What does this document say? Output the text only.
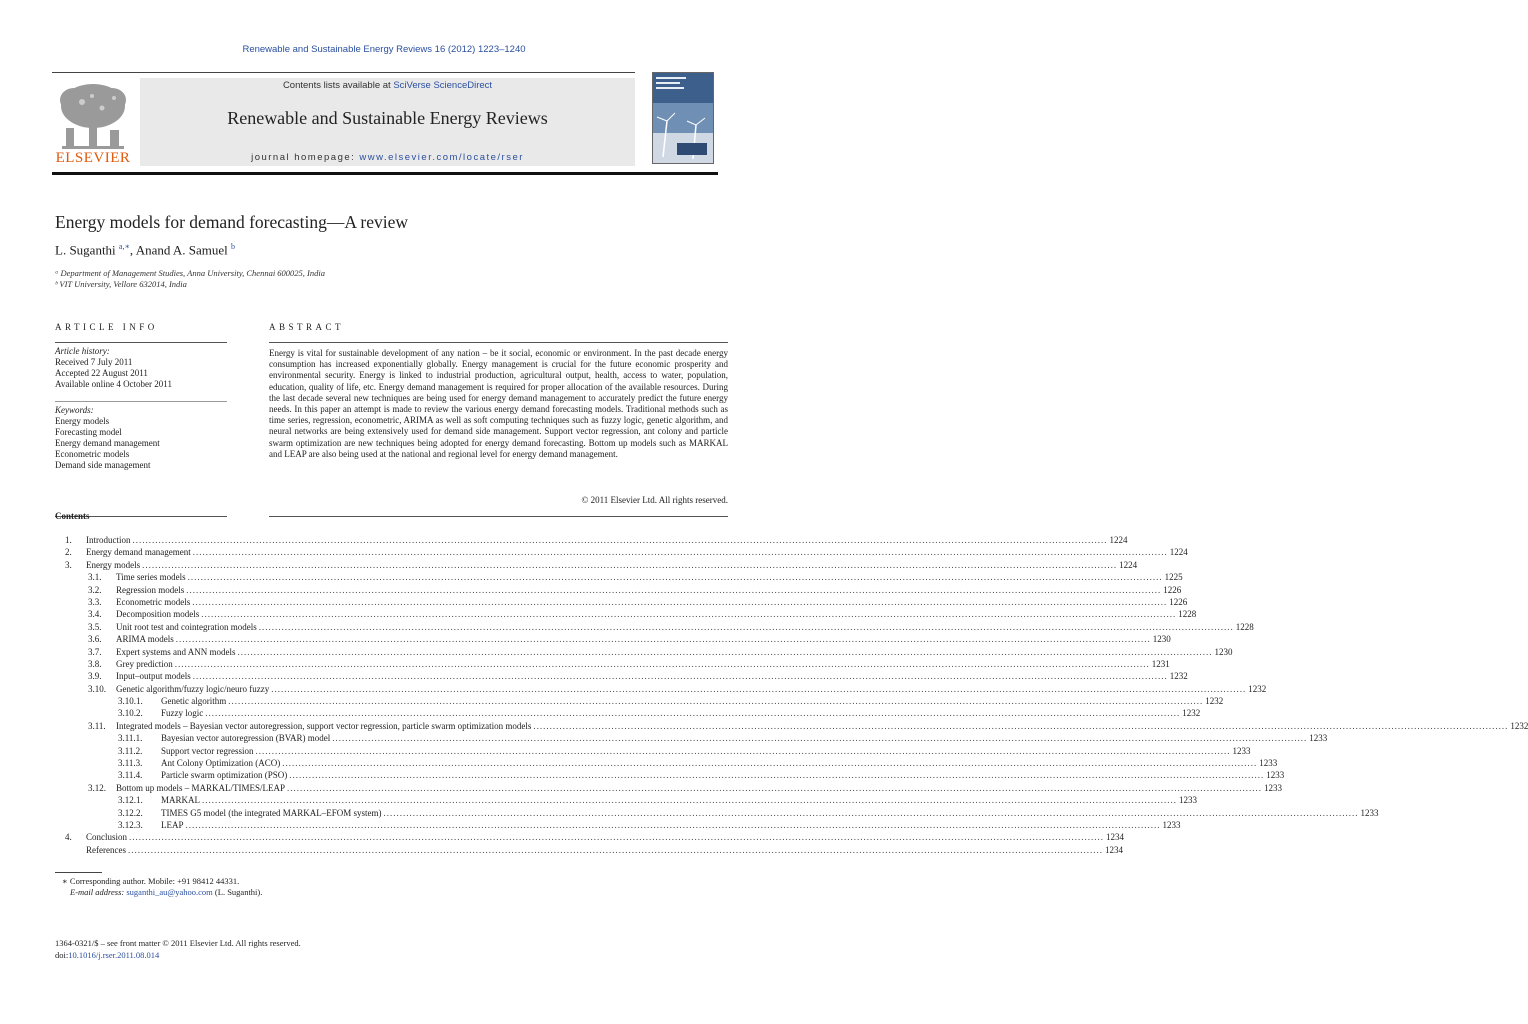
Renewable and Sustainable Energy Reviews 16 (2012) 1223–1240
ELSEVIER
Contents lists available at SciVerse ScienceDirect
Renewable and Sustainable Energy Reviews
journal homepage: www.elsevier.com/locate/rser
Energy models for demand forecasting—A review
L. Suganthi $^{a,∗}$, Anand A. Samuel $^b$
ᵃ Department of Management Studies, Anna University, Chennai 600025, India
ᵇ VIT University, Vellore 632014, India
ARTICLE INFO
Article history:
Received 7 July 2011
Accepted 22 August 2011
Available online 4 October 2011
Keywords:
Energy models
Forecasting model
Energy demand management
Econometric models
Demand side management
ABSTRACT
Energy is vital for sustainable development of any nation – be it social, economic or environment. In the past decade energy consumption has increased exponentially globally. Energy management is crucial for the future economic prosperity and environmental security. Energy is linked to industrial production, agricultural output, health, access to water, population, education, quality of life, etc. Energy demand management is required for proper allocation of the available resources. During the last decade several new techniques are being used for energy demand management to accurately predict the future energy needs. In this paper an attempt is made to review the various energy demand forecasting models. Traditional methods such as time series, regression, econometric, ARIMA as well as soft computing techniques such as fuzzy logic, genetic algorithm, and neural networks are being extensively used for demand side management. Support vector regression, ant colony and particle swarm optimization are new techniques being adopted for energy demand forecasting. Bottom up models such as MARKAL and LEAP are also being used at the national and regional level for energy demand management.
© 2011 Elsevier Ltd. All rights reserved.
Contents
1.	Introduction ............................................................................................................................................................................................................................................................................................................ 1224
2.	Energy demand management ............................................................................................................................................................................................................................................................................................................ 1224
3.	Energy models ............................................................................................................................................................................................................................................................................................................ 1224
3.1.	Time series models ............................................................................................................................................................................................................................................................................................................ 1225
3.2.	Regression models ............................................................................................................................................................................................................................................................................................................ 1226
3.3.	Econometric models ............................................................................................................................................................................................................................................................................................................ 1226
3.4.	Decomposition models ............................................................................................................................................................................................................................................................................................................ 1228
3.5.	Unit root test and cointegration models ............................................................................................................................................................................................................................................................................................................ 1228
3.6.	ARIMA models ............................................................................................................................................................................................................................................................................................................ 1230
3.7.	Expert systems and ANN models ............................................................................................................................................................................................................................................................................................................ 1230
3.8.	Grey prediction ............................................................................................................................................................................................................................................................................................................ 1231
3.9.	Input–output models ............................................................................................................................................................................................................................................................................................................ 1232
3.10.	Genetic algorithm/fuzzy logic/neuro fuzzy ............................................................................................................................................................................................................................................................................................................ 1232
3.10.1.	Genetic algorithm ............................................................................................................................................................................................................................................................................................................ 1232
3.10.2.	Fuzzy logic ............................................................................................................................................................................................................................................................................................................ 1232
3.11.	Integrated models – Bayesian vector autoregression, support vector regression, particle swarm optimization models ............................................................................................................................................................................................................................................................................................................ 1232
3.11.1.	Bayesian vector autoregression (BVAR) model ............................................................................................................................................................................................................................................................................................................ 1233
3.11.2.	Support vector regression ............................................................................................................................................................................................................................................................................................................ 1233
3.11.3.	Ant Colony Optimization (ACO) ............................................................................................................................................................................................................................................................................................................ 1233
3.11.4.	Particle swarm optimization (PSO) ............................................................................................................................................................................................................................................................................................................ 1233
3.12.	Bottom up models – MARKAL/TIMES/LEAP ............................................................................................................................................................................................................................................................................................................ 1233
3.12.1.	MARKAL ............................................................................................................................................................................................................................................................................................................ 1233
3.12.2.	TIMES G5 model (the integrated MARKAL–EFOM system) ............................................................................................................................................................................................................................................................................................................ 1233
3.12.3.	LEAP ............................................................................................................................................................................................................................................................................................................ 1233
4.	Conclusion ............................................................................................................................................................................................................................................................................................................ 1234
References ............................................................................................................................................................................................................................................................................................................ 1234
∗ Corresponding author. Mobile: +91 98412 44331.
E-mail address: suganthi_au@yahoo.com (L. Suganthi).
1364-0321/$ – see front matter © 2011 Elsevier Ltd. All rights reserved.
doi:10.1016/j.rser.2011.08.014
